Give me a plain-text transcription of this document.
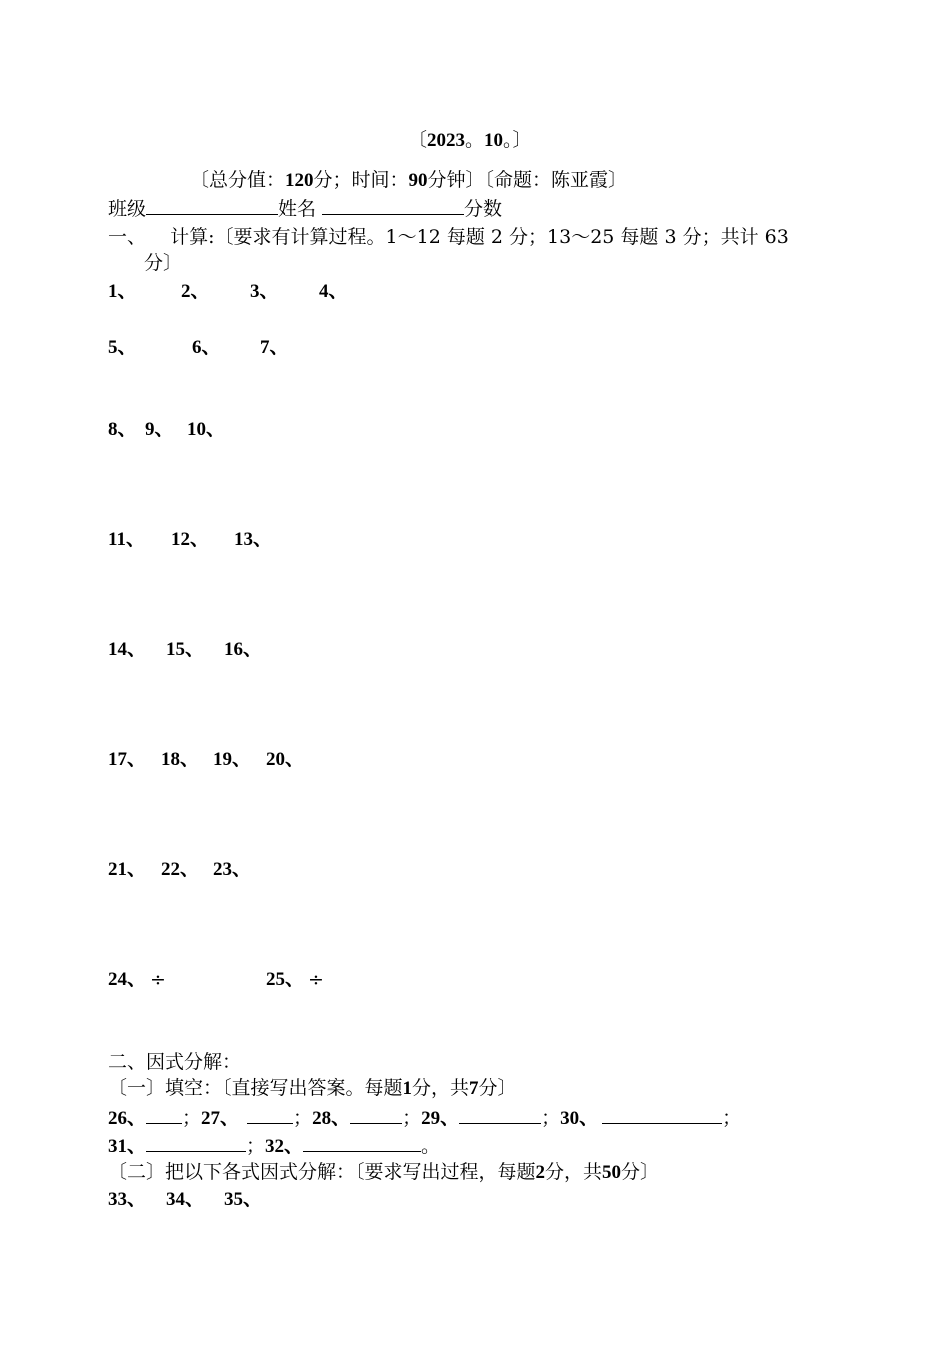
〔2023。10。〕
〔总分值：120分；时间：90分钟〕〔命题：陈亚霞〕
班级	姓名	分数
一、    计算:〔要求有计算过程。1～12 每题 2 分；13～25 每题 3 分；共计 63
分〕
1、 2、 3、 4、
5、	6、 7、
8、 9、 10、
11、 12、 13、
14、 15、 16、
17、 18、 19、 20、
21、 22、 23、
24、 ÷	25、 ÷
二、因式分解：
〔一〕填空：〔直接写出答案。每题1分，共7分〕
26、 ；27、	；28、	；29、	；30、	；
31、	；32、	。
〔二〕把以下各式因式分解：〔要求写出过程，每题2分，共50分〕
33、 34、 35、
